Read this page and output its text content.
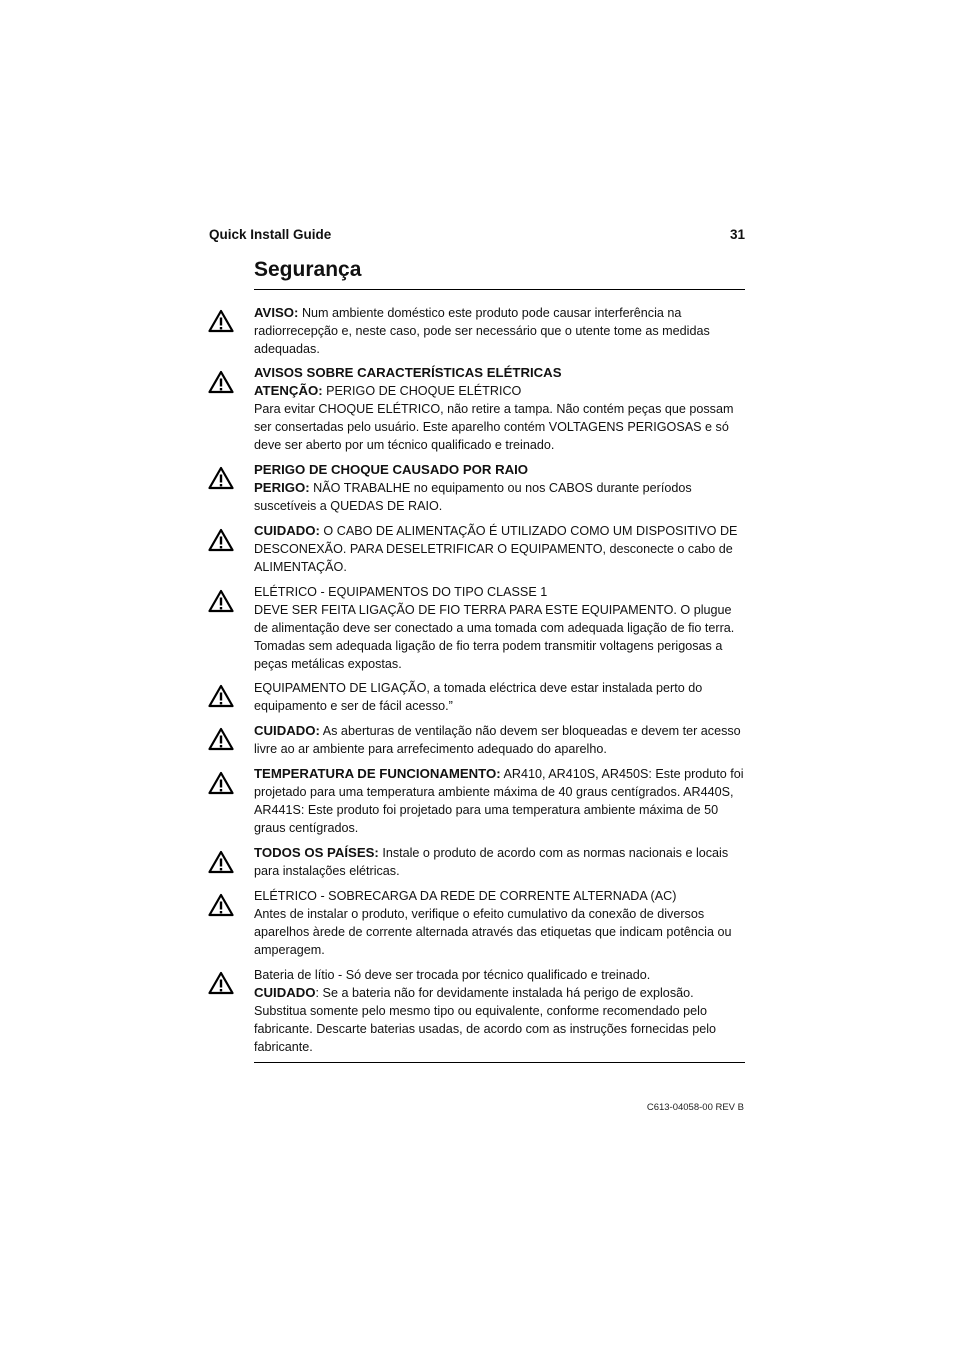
Quick Install Guide	31
Segurança

AVISO: Num ambiente doméstico este produto pode causar interferência na radiorrecepção e, neste caso, pode ser necessário que o utente tome as medidas adequadas.

AVISOS SOBRE CARACTERÍSTICAS ELÉTRICAS

ATENÇÃO: PERIGO DE CHOQUE ELÉTRICO

Para evitar CHOQUE ELÉTRICO, não retire a tampa. Não contém peças que possam ser consertadas pelo usuário. Este aparelho contém VOLTAGENS PERIGOSAS e só deve ser aberto por um técnico qualificado e treinado.

PERIGO DE CHOQUE CAUSADO POR RAIO

PERIGO: NÃO TRABALHE no equipamento ou nos CABOS durante períodos suscetíveis a QUEDAS DE RAIO.

CUIDADO: O CABO DE ALIMENTAÇÃO É UTILIZADO COMO UM DISPOSITIVO DE DESCONEXÃO. PARA DESELETRIFICAR O EQUIPAMENTO, desconecte o cabo de ALIMENTAÇÃO.

ELÉTRICO - EQUIPAMENTOS DO TIPO CLASSE 1

DEVE SER FEITA LIGAÇÃO DE FIO TERRA PARA ESTE EQUIPAMENTO. O plugue de alimentação deve ser conectado a uma tomada com adequada ligação de fio terra. Tomadas sem adequada ligação de fio terra podem transmitir voltagens perigosas a peças metálicas expostas.

EQUIPAMENTO DE LIGAÇÃO, a tomada eléctrica deve estar instalada perto do equipamento e ser de fácil acesso.”

CUIDADO: As aberturas de ventilação não devem ser bloqueadas e devem ter acesso livre ao ar ambiente para arrefecimento adequado do aparelho.

TEMPERATURA DE FUNCIONAMENTO: AR410, AR410S, AR450S: Este produto foi projetado para uma temperatura ambiente máxima de 40 graus centígrados. AR440S, AR441S: Este produto foi projetado para uma temperatura ambiente máxima de 50 graus centígrados.

TODOS OS PAÍSES: Instale o produto de acordo com as normas nacionais e locais para instalações elétricas.

ELÉTRICO - SOBRECARGA DA REDE DE CORRENTE ALTERNADA (AC)

Antes de instalar o produto, verifique o efeito cumulativo da conexão de diversos aparelhos àrede de corrente alternada através das etiquetas que indicam potência ou amperagem.

Bateria de lítio - Só deve ser trocada por técnico qualificado e treinado.

CUIDADO: Se a bateria não for devidamente instalada há perigo de explosão. Substitua somente pelo mesmo tipo ou equivalente, conforme recomendado pelo fabricante. Descarte baterias usadas, de acordo com as instruções fornecidas pelo fabricante.

C613-04058-00 REV B
